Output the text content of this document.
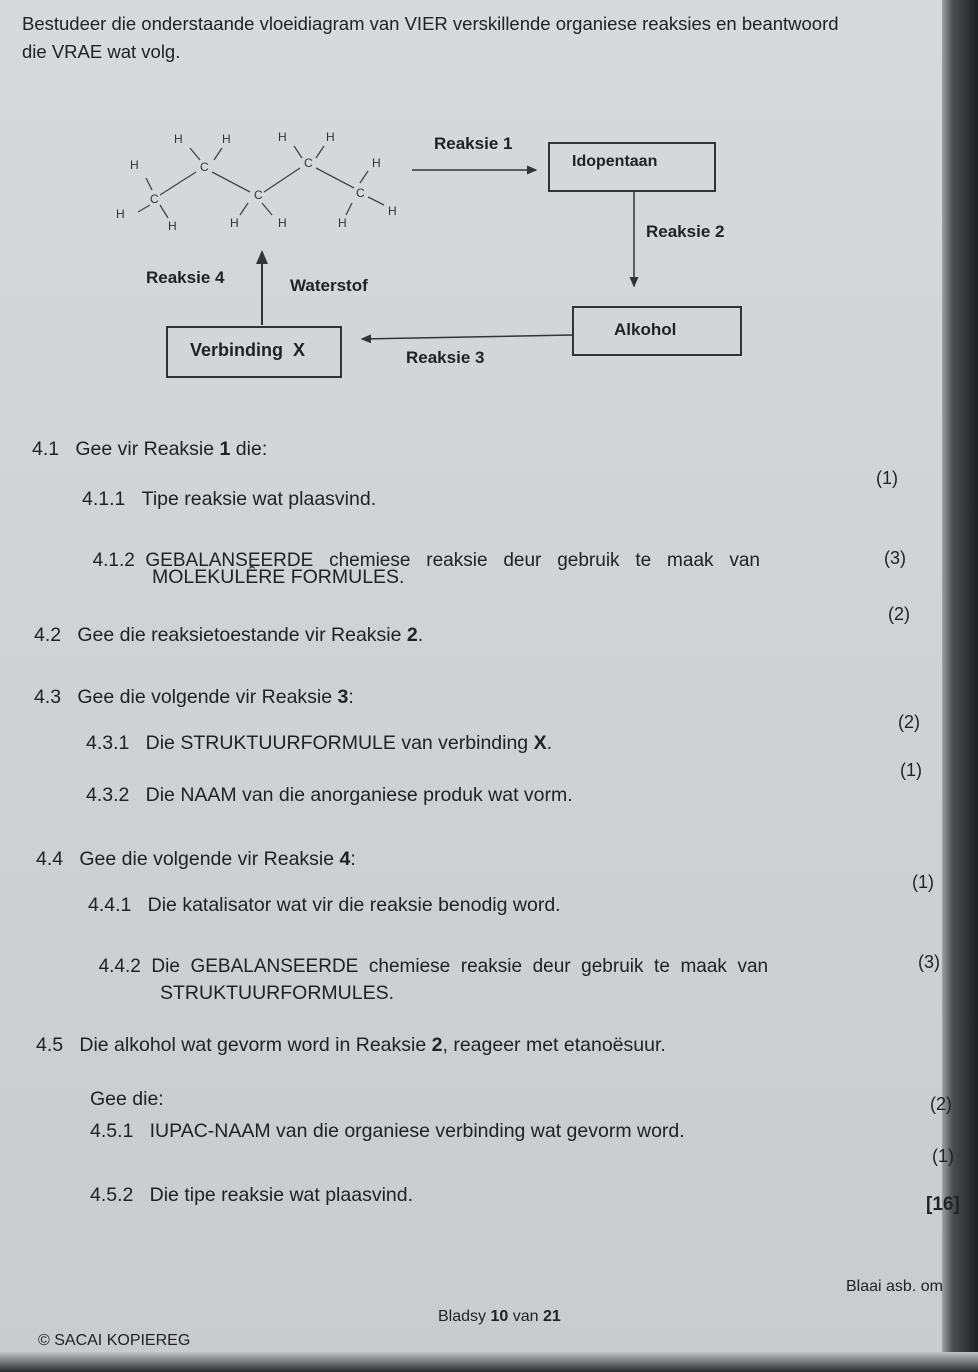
Bestudeer die onderstaande vloeidiagram van VIER verskillende organiese reaksies en beantwoord die VRAE wat volg.
H	H	H	H
H	C	C	H
C	C	C
H	H
H	H	H	H
Reaksie 1
Idopentaan
Reaksie 2
Alkohol
Reaksie 3
Verbinding  X
Reaksie 4	Waterstof
4.1 Gee vir Reaksie 1 die:
(1)
4.1.1 Tipe reaksie wat plaasvind.

4.1.2 GEBALANSEERDE   chemiese   reaksie   deur   gebruik   te   maak   van

MOLEKULÊRE FORMULES.
(3)
(2)
4.2 Gee die reaksietoestande vir Reaksie 2.
4.3 Gee die volgende vir Reaksie 3:
(2)
4.3.1 Die STRUKTUURFORMULE van verbinding X.
(1)
4.3.2 Die NAAM van die anorganiese produk wat vorm.
4.4 Gee die volgende vir Reaksie 4:
(1)
4.4.1 Die katalisator wat vir die reaksie benodig word.

4.4.2 Die  GEBALANSEERDE  chemiese  reaksie  deur  gebruik  te  maak  van

STRUKTUURFORMULES.
(3)
4.5 Die alkohol wat gevorm word in Reaksie 2, reageer met etanoësuur.
Gee die:	(2)
4.5.1 IUPAC-NAAM van die organiese verbinding wat gevorm word.
(1)
4.5.2 Die tipe reaksie wat plaasvind.	[16]
Blaai asb. om
Bladsy 10 van 21
© SACAI KOPIEREG
